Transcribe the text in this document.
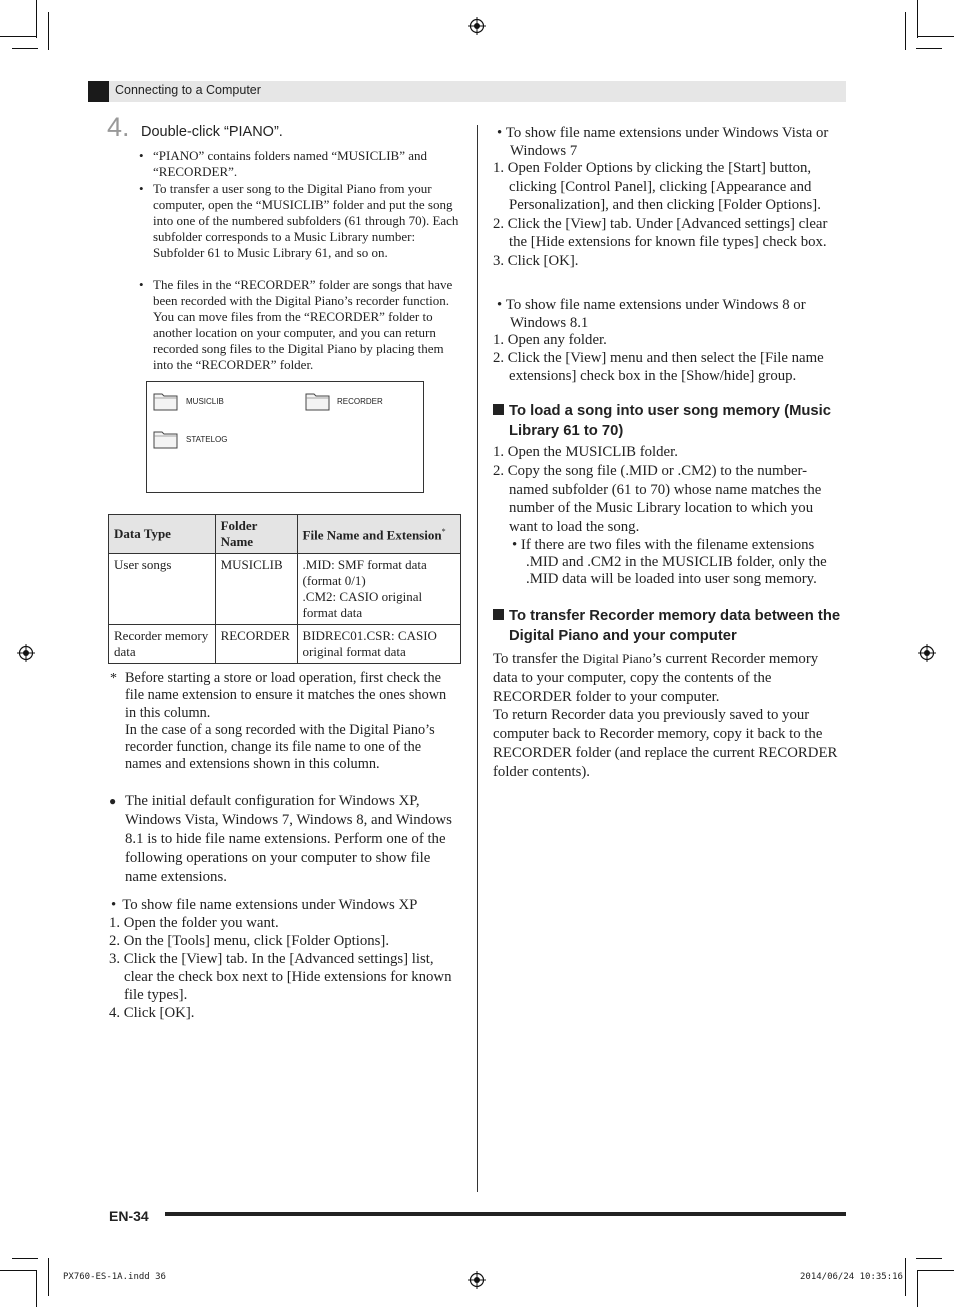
Connecting to a Computer
4. Double-click “PIANO”.
• “PIANO” contains folders named “MUSICLIB” and “RECORDER”.
• To transfer a user song to the Digital Piano from your computer, open the “MUSICLIB” folder and put the song into one of the numbered subfolders (61 through 70). Each subfolder corresponds to a Music Library number: Subfolder 61 to Music Library 61, and so on.
• The files in the “RECORDER” folder are songs that have been recorded with the Digital Piano’s recorder function. You can move files from the “RECORDER” folder to another location on your computer, and you can return recorded song files to the Digital Piano by placing them into the “RECORDER” folder.
MUSICLIB	RECORDER
STATELOG
Data Type	Folder Name	File Name and Extension*
User songs	MUSICLIB	.MID: SMF format data (format 0/1)
.CM2: CASIO original format data

Recorder memory data	RECORDER	BIDREC01.CSR: CASIO original format data
* Before starting a store or load operation, first check the file name extension to ensure it matches the ones shown in this column.
In the case of a song recorded with the Digital Piano’s recorder function, change its file name to one of the names and extensions shown in this column.
● The initial default configuration for Windows XP, Windows Vista, Windows 7, Windows 8, and Windows 8.1 is to hide file name extensions. Perform one of the following operations on your computer to show file name extensions.
• To show file name extensions under Windows XP
1. Open the folder you want.
2. On the [Tools] menu, click [Folder Options].
3. Click the [View] tab. In the [Advanced settings] list, clear the check box next to [Hide extensions for known file types].
4. Click [OK].
• To show file name extensions under Windows Vista or Windows 7
1. Open Folder Options by clicking the [Start] button, clicking [Control Panel], clicking [Appearance and Personalization], and then clicking [Folder Options].
2. Click the [View] tab. Under [Advanced settings] clear the [Hide extensions for known file types] check box.
3. Click [OK].
• To show file name extensions under Windows 8 or Windows 8.1
1. Open any folder.
2. Click the [View] menu and then select the [File name extensions] check box in the [Show/hide] group.
To load a song into user song memory (Music Library 61 to 70)
1. Open the MUSICLIB folder.
2. Copy the song file (.MID or .CM2) to the number-named subfolder (61 to 70) whose name matches the number of the Music Library location to which you want to load the song.
• If there are two files with the filename extensions .MID and .CM2 in the MUSICLIB folder, only the .MID data will be loaded into user song memory.
To transfer Recorder memory data between the Digital Piano and your computer
To transfer the Digital Piano’s current Recorder memory data to your computer, copy the contents of the RECORDER folder to your computer.
To return Recorder data you previously saved to your computer back to Recorder memory, copy it back to the RECORDER folder (and replace the current RECORDER folder contents).
EN-34
PX760-ES-1A.indd 36	2014/06/24 10:35:16
